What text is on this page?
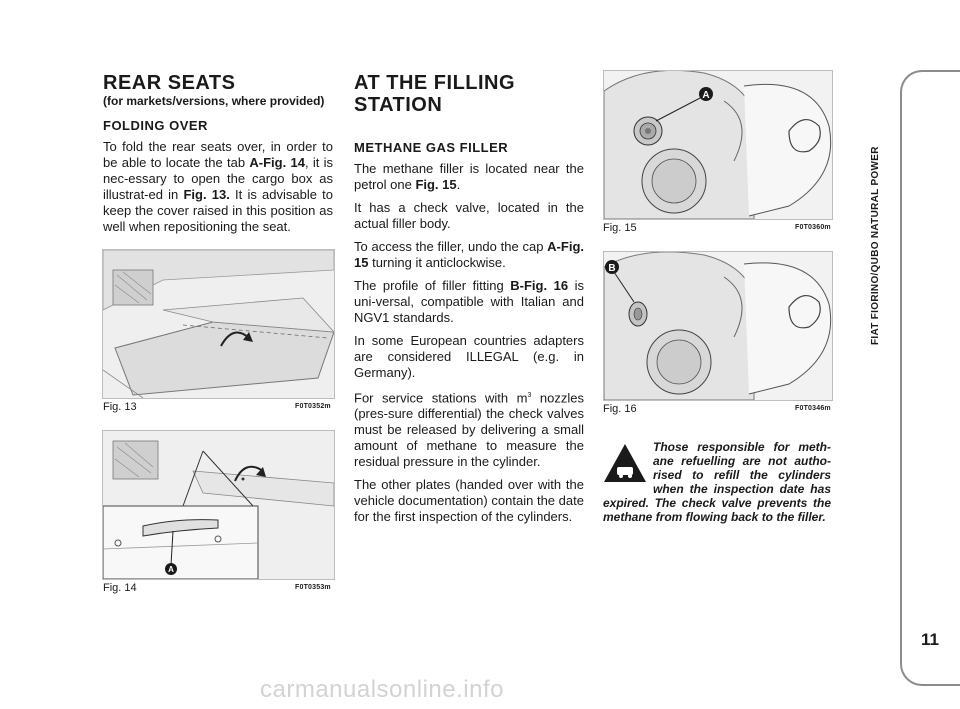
REAR SEATS
(for markets/versions, where provided)
FOLDING OVER

To fold the rear seats over, in order to be able to locate the tab A-Fig. 14, it is nec-essary to open the cargo box as illustrat-ed in Fig. 13. It is advisable to keep the cover raised in this position as well when repositioning the seat.

Fig. 13	F0T0352m
A
Fig. 14	F0T0353m
AT THE FILLING
STATION
METHANE GAS FILLER

The methane filler is located near the petrol one Fig. 15.

It has a check valve, located in the actual filler body.

To access the filler, undo the cap A-Fig. 15 turning it anticlockwise.

The profile of filler fitting B-Fig. 16 is uni-versal, compatible with Italian and NGV1 standards.

In some European countries adapters are considered ILLEGAL (e.g. in Germany).

For service stations with $m^3$ nozzles (pres-sure differential) the check valves must be released by delivering a small amount of methane to measure the residual pressure in the cylinder.

The other plates (handed over with the vehicle documentation) contain the date for the first inspection of the cylinders.

A
Fig. 15	F0T0360m
B
Fig. 16	F0T0346m

Those responsible for meth-ane refuelling are not autho-rised to refill the cylinders when the inspection date has expired. The check valve prevents the methane from flowing back to the filler.

FIAT FIORINO/QUBO NATURAL POWER
11
carmanualsonline.info
